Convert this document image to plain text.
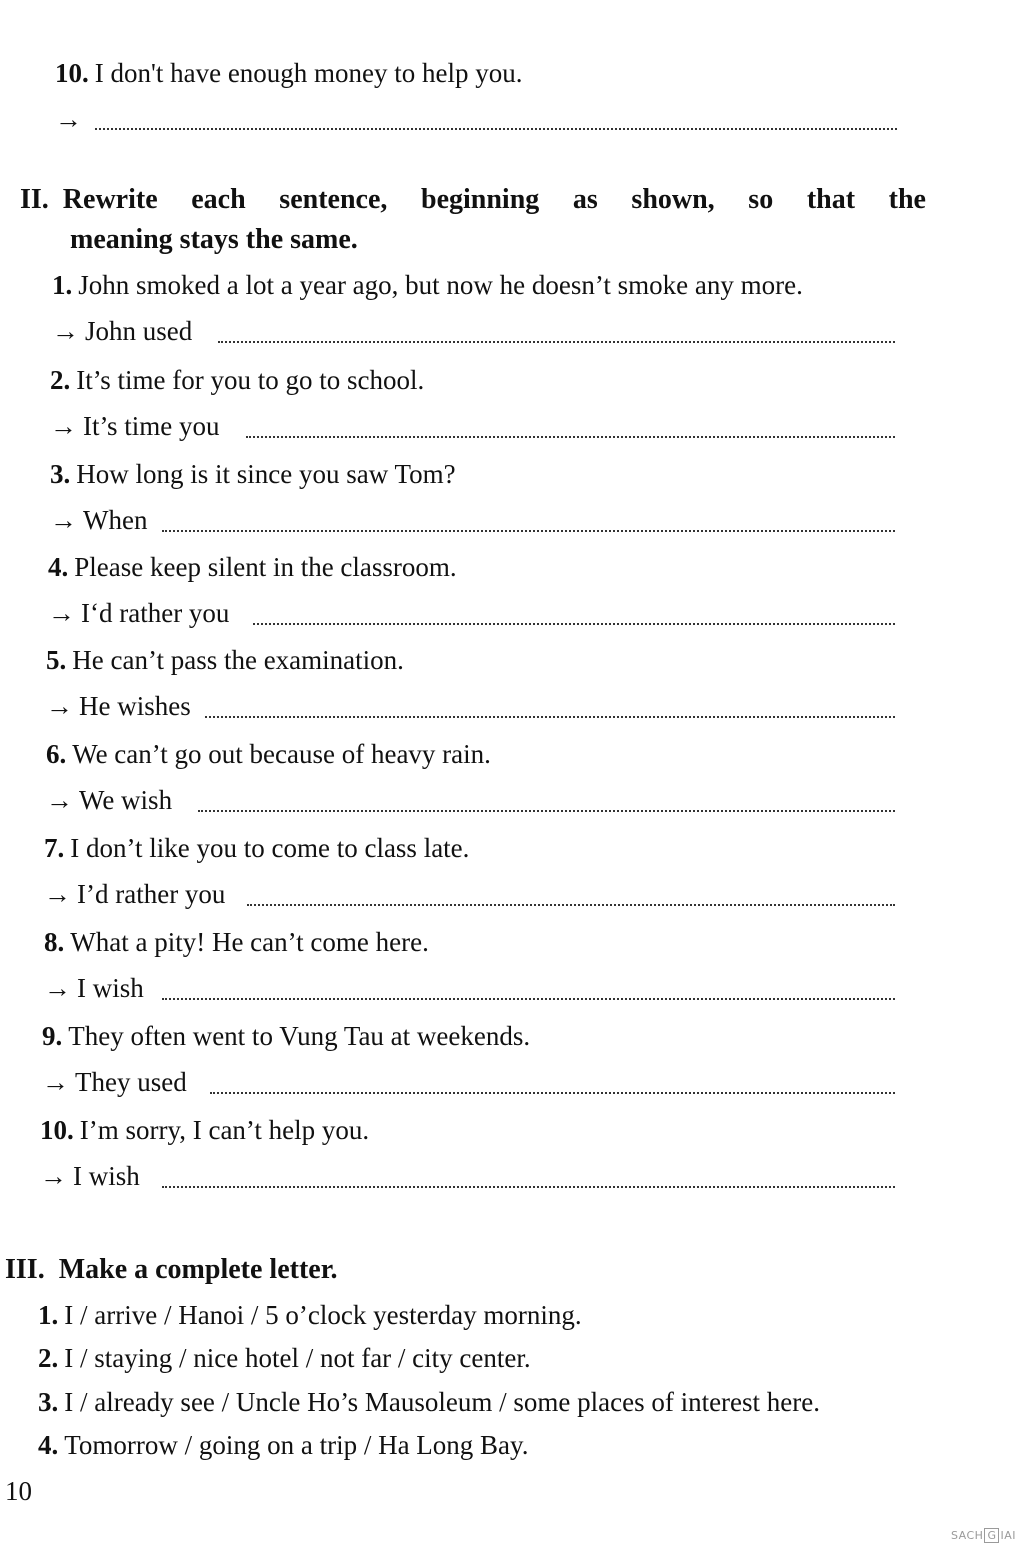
10. I don't have enough money to help you.
→
II. Rewrite each sentence, beginning as shown, so that the
meaning stays the same.
1. John smoked a lot a year ago, but now he doesn’t smoke any more.
→ John used
2. It’s time for you to go to school.
→ It’s time you
3. How long is it since you saw Tom?
→ When
4. Please keep silent in the classroom.
→ I‘d rather you
5. He can’t pass the examination.
→ He wishes
6. We can’t go out because of heavy rain.
→ We wish
7. I don’t like you to come to class late.
→ I’d rather you
8. What a pity! He can’t come here.
→ I wish
9. They often went to Vung Tau at weekends.
→ They used
10. I’m sorry, I can’t help you.
→ I wish
III. Make a complete letter.
1. I / arrive / Hanoi / 5 o’clock yesterday morning.
2. I / staying / nice hotel / not far / city center.
3. I / already see / Uncle Ho’s Mausoleum / some places of interest here.
4. Tomorrow / going on a trip / Ha Long Bay.
10
SACH G IAI
